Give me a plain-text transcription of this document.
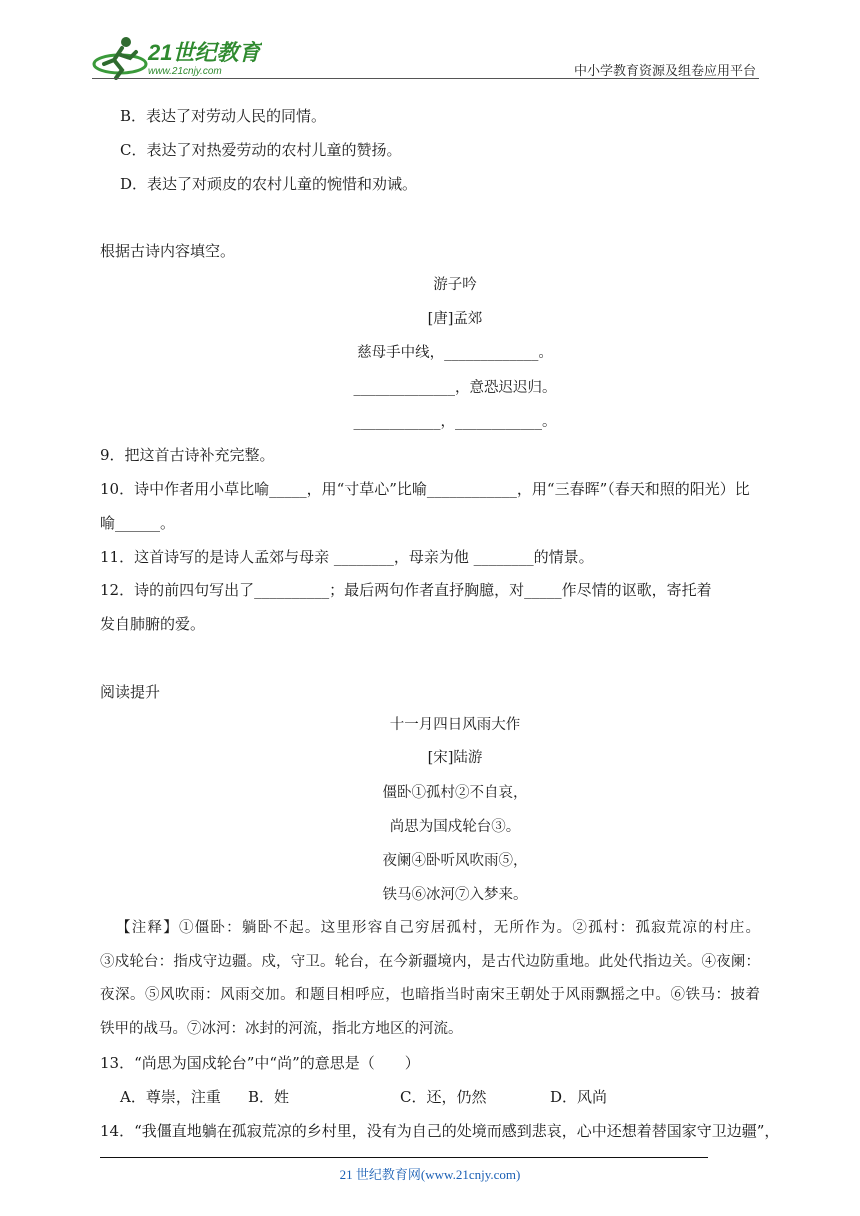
21世纪教育
www.21cnjy.com	中小学教育资源及组卷应用平台
B．表达了对劳动人民的同情。
C．表达了对热爱劳动的农村儿童的赞扬。
D．表达了对顽皮的农村儿童的惋惜和劝诫。
根据古诗内容填空。
游子吟
[唐]孟郊
慈母手中线，_____________。
______________，意恐迟迟归。
____________，____________。
9．把这首古诗补充完整。
10．诗中作者用小草比喻_____，用“寸草心”比喻____________，用“三春晖”（春天和照的阳光）比
喻______。
11．这首诗写的是诗人孟郊与母亲 ________，母亲为他 ________的情景。
12．诗的前四句写出了__________；最后两句作者直抒胸臆，对_____作尽情的讴歌，寄托着
发自肺腑的爱。
阅读提升
十一月四日风雨大作
[宋]陆游
僵卧①孤村②不自哀，
尚思为国戍轮台③。
夜阑④卧听风吹雨⑤，
铁马⑥冰河⑦入梦来。
【注释】①僵卧：躺卧不起。这里形容自己穷居孤村，无所作为。②孤村：孤寂荒凉的村庄。
③戍轮台：指戍守边疆。戍，守卫。轮台，在今新疆境内，是古代边防重地。此处代指边关。④夜阑：
夜深。⑤风吹雨：风雨交加。和题目相呼应，也暗指当时南宋王朝处于风雨飘摇之中。⑥铁马：披着
铁甲的战马。⑦冰河：冰封的河流，指北方地区的河流。
13．“尚思为国戍轮台”中“尚”的意思是（　　）
A．尊崇，注重 B．姓	C．还，仍然	D．风尚
14．“我僵直地躺在孤寂荒凉的乡村里，没有为自己的处境而感到悲哀，心中还想着替国家守卫边疆”，
21 世纪教育网(www.21cnjy.com)
